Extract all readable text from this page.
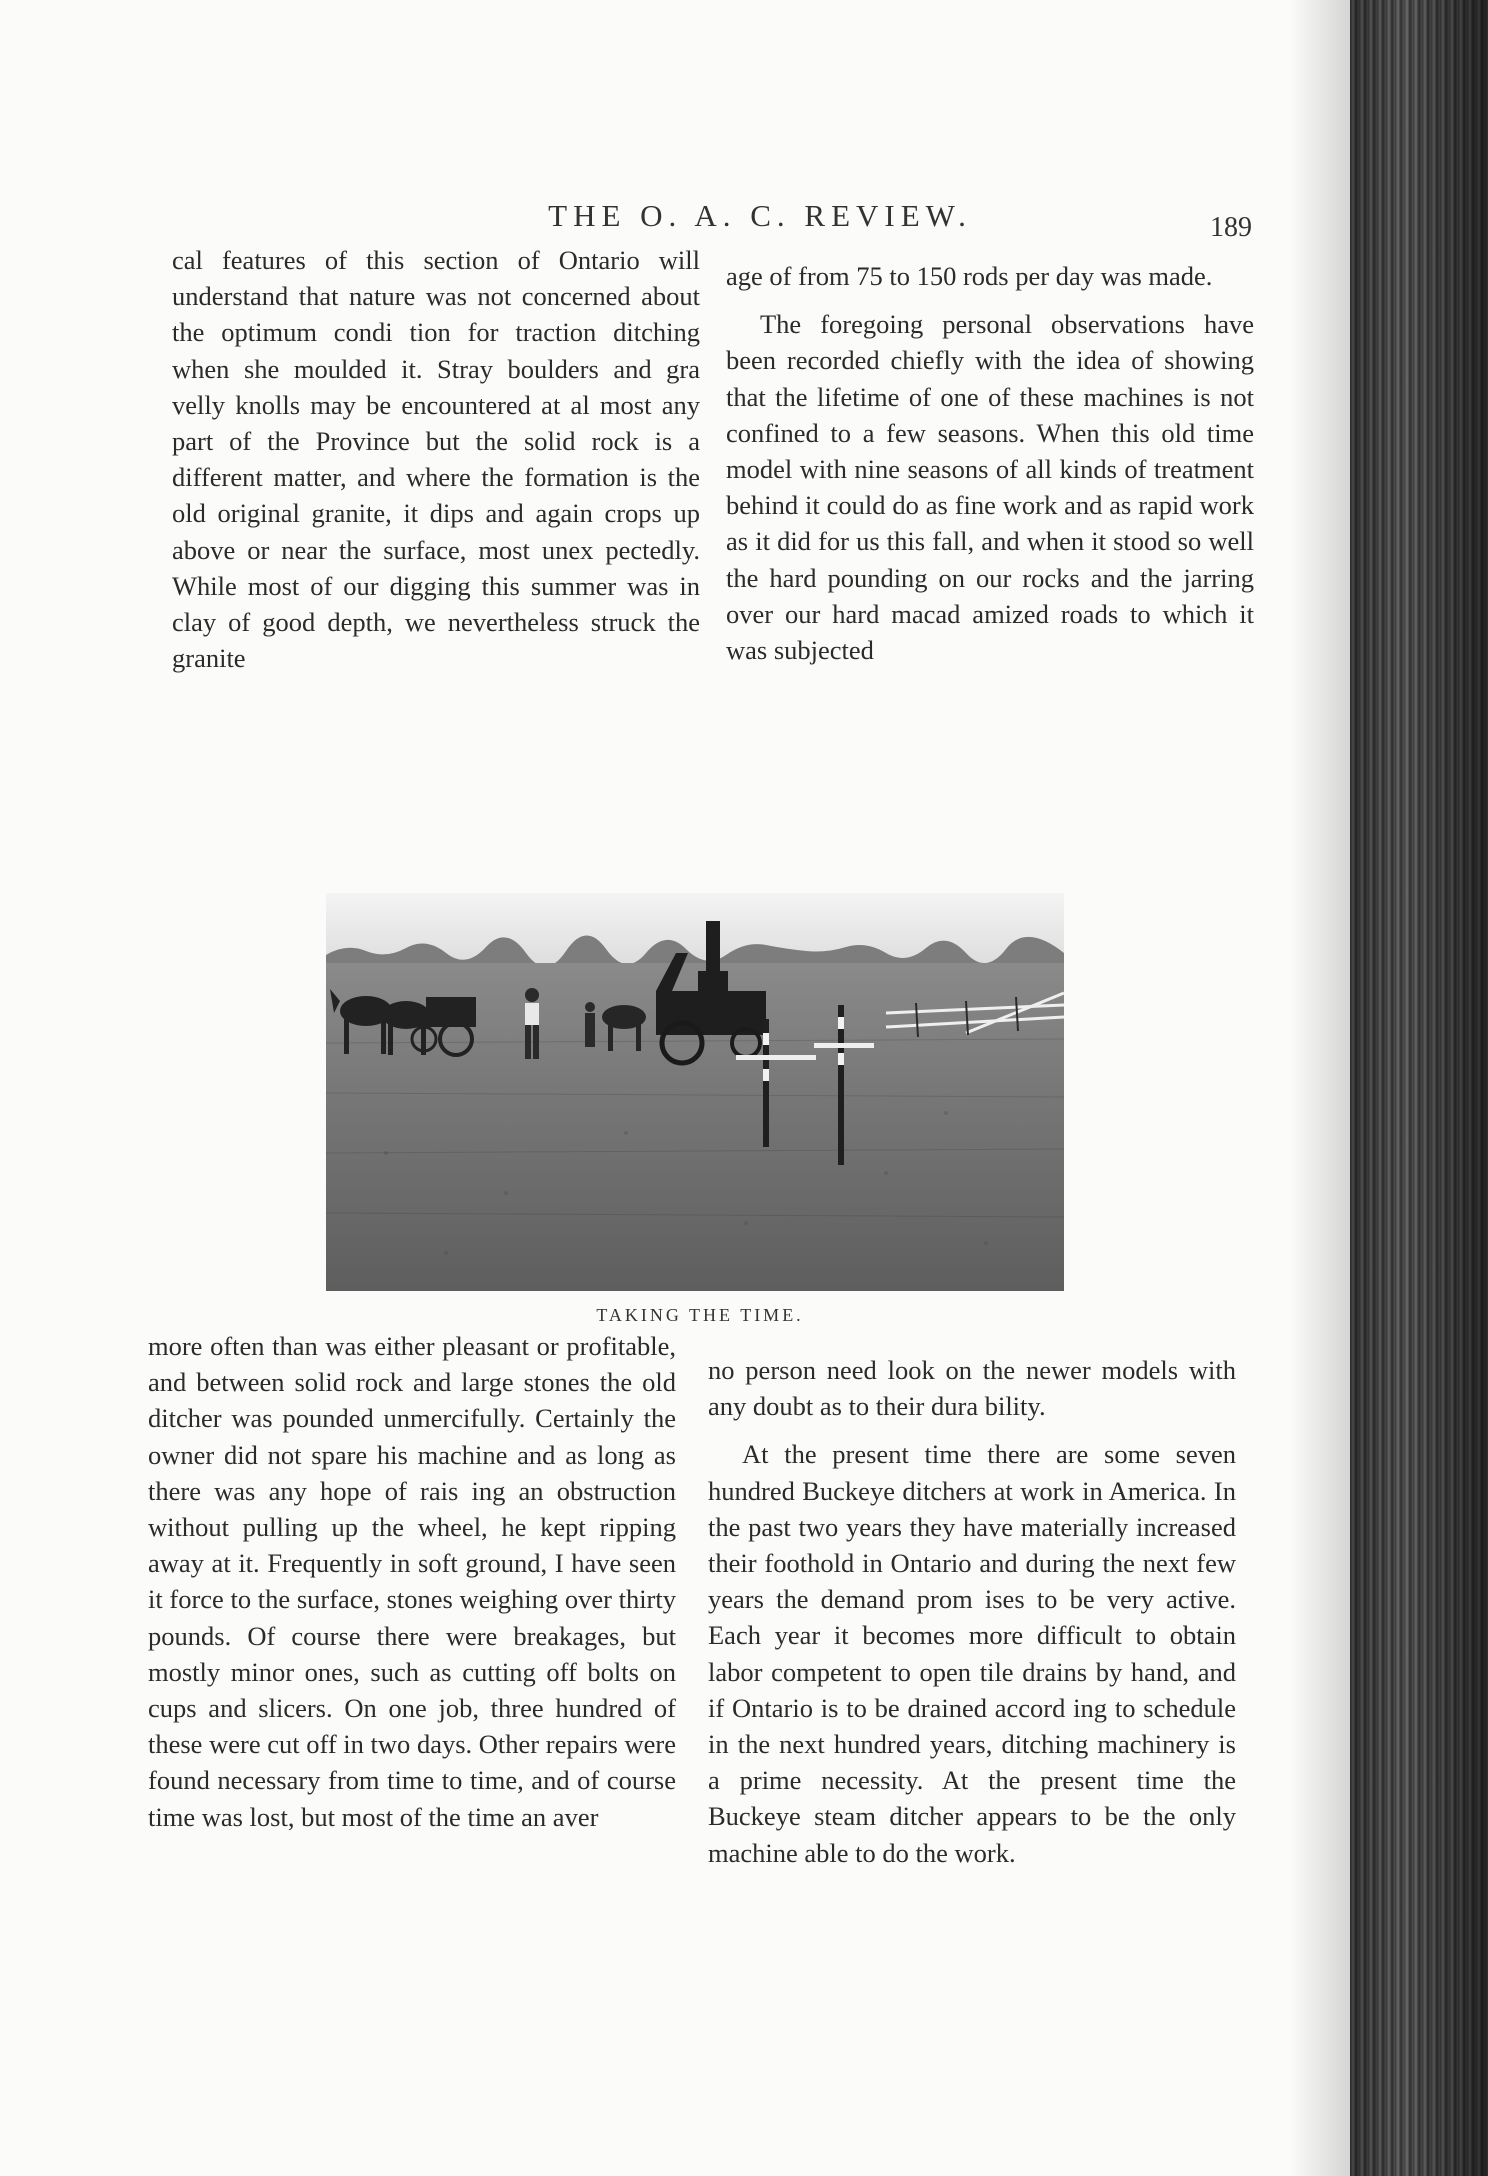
THE O. A. C. REVIEW.	189

cal features of this section of Ontario will understand that nature was not concerned about the optimum condi tion for traction ditching when she moulded it. Stray boulders and gra velly knolls may be encountered at al most any part of the Province but the solid rock is a different matter, and where the formation is the old original granite, it dips and again crops up above or near the surface, most unex pectedly. While most of our digging this summer was in clay of good depth, we nevertheless struck the granite

age of from 75 to 150 rods per day was made.

The foregoing personal observations have been recorded chiefly with the idea of showing that the lifetime of one of these machines is not confined to a few seasons. When this old time model with nine seasons of all kinds of treatment behind it could do as fine work and as rapid work as it did for us this fall, and when it stood so well the hard pounding on our rocks and the jarring over our hard macad amized roads to which it was subjected

TAKING THE TIME.

more often than was either pleasant or profitable, and between solid rock and large stones the old ditcher was pounded unmercifully. Certainly the owner did not spare his machine and as long as there was any hope of rais ing an obstruction without pulling up the wheel, he kept ripping away at it. Frequently in soft ground, I have seen it force to the surface, stones weighing over thirty pounds. Of course there were breakages, but mostly minor ones, such as cutting off bolts on cups and slicers. On one job, three hundred of these were cut off in two days. Other repairs were found necessary from time to time, and of course time was lost, but most of the time an aver

no person need look on the newer models with any doubt as to their dura bility.

At the present time there are some seven hundred Buckeye ditchers at work in America. In the past two years they have materially increased their foothold in Ontario and during the next few years the demand prom ises to be very active. Each year it becomes more difficult to obtain labor competent to open tile drains by hand, and if Ontario is to be drained accord ing to schedule in the next hundred years, ditching machinery is a prime necessity. At the present time the Buckeye steam ditcher appears to be the only machine able to do the work.
